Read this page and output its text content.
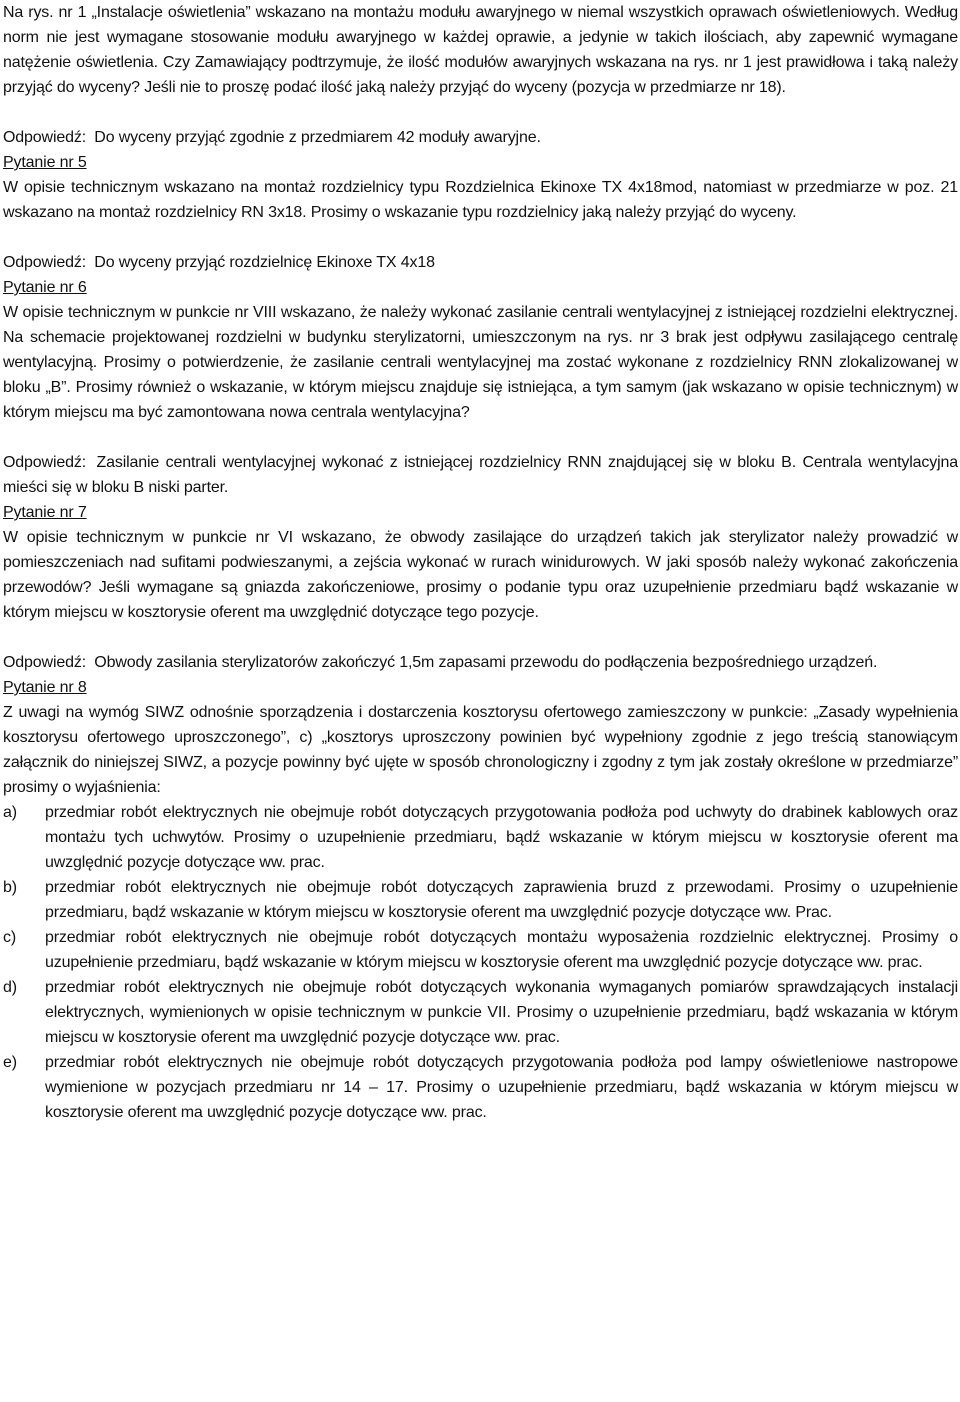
Na rys. nr 1 „Instalacje oświetlenia” wskazano na montażu modułu awaryjnego w niemal wszystkich oprawach oświetleniowych. Według norm nie jest wymagane stosowanie modułu awaryjnego w każdej oprawie, a jedynie w takich ilościach, aby zapewnić wymagane natężenie oświetlenia. Czy Zamawiający podtrzymuje, że ilość modułów awaryjnych wskazana na rys. nr 1 jest prawidłowa i taką należy przyjąć do wyceny? Jeśli nie to proszę podać ilość jaką należy przyjąć do wyceny (pozycja w przedmiarze nr 18).

Odpowiedź: Do wyceny przyjąć zgodnie z przedmiarem 42 moduły awaryjne.

Pytanie nr 5

W opisie technicznym wskazano na montaż rozdzielnicy typu Rozdzielnica Ekinoxe TX 4x18mod, natomiast w przedmiarze w poz. 21 wskazano na montaż rozdzielnicy RN 3x18. Prosimy o wskazanie typu rozdzielnicy jaką należy przyjąć do wyceny.

Odpowiedź: Do wyceny przyjąć rozdzielnicę Ekinoxe TX 4x18

Pytanie nr 6

W opisie technicznym w punkcie nr VIII wskazano, że należy wykonać zasilanie centrali wentylacyjnej z istniejącej rozdzielni elektrycznej. Na schemacie projektowanej rozdzielni w budynku sterylizatorni, umieszczonym na rys. nr 3 brak jest odpływu zasilającego centralę wentylacyjną. Prosimy o potwierdzenie, że zasilanie centrali wentylacyjnej ma zostać wykonane z rozdzielnicy RNN zlokalizowanej w bloku „B”. Prosimy również o wskazanie, w którym miejscu znajduje się istniejąca, a tym samym (jak wskazano w opisie technicznym) w którym miejscu ma być zamontowana nowa centrala wentylacyjna?

Odpowiedź: Zasilanie centrali wentylacyjnej wykonać z istniejącej rozdzielnicy RNN znajdującej się w bloku B. Centrala wentylacyjna mieści się w bloku B niski parter.

Pytanie nr 7

W opisie technicznym w punkcie nr VI wskazano, że obwody zasilające do urządzeń takich jak sterylizator należy prowadzić w pomieszczeniach nad sufitami podwieszanymi, a zejścia wykonać w rurach winidurowych. W jaki sposób należy wykonać zakończenia przewodów? Jeśli wymagane są gniazda zakończeniowe, prosimy o podanie typu oraz uzupełnienie przedmiaru bądź wskazanie w którym miejscu w kosztorysie oferent ma uwzględnić dotyczące tego pozycje.

Odpowiedź: Obwody zasilania sterylizatorów zakończyć 1,5m zapasami przewodu do podłączenia bezpośredniego urządzeń.

Pytanie nr 8

Z uwagi na wymóg SIWZ odnośnie sporządzenia i dostarczenia kosztorysu ofertowego zamieszczony w punkcie: „Zasady wypełnienia kosztorysu ofertowego uproszczonego”, c) „kosztorys uproszczony powinien być wypełniony zgodnie z jego treścią stanowiącym załącznik do niniejszej SIWZ, a pozycje powinny być ujęte w sposób chronologiczny i zgodny z tym jak zostały określone w przedmiarze” prosimy o wyjaśnienia:

a)	przedmiar robót elektrycznych nie obejmuje robót dotyczących przygotowania podłoża pod uchwyty do drabinek kablowych oraz montażu tych uchwytów. Prosimy o uzupełnienie przedmiaru, bądź wskazanie w którym miejscu w kosztorysie oferent ma uwzględnić pozycje dotyczące ww. prac.
b)	przedmiar robót elektrycznych nie obejmuje robót dotyczących zaprawienia bruzd z przewodami. Prosimy o uzupełnienie przedmiaru, bądź wskazanie w którym miejscu w kosztorysie oferent ma uwzględnić pozycje dotyczące ww. Prac.
c)	przedmiar robót elektrycznych nie obejmuje robót dotyczących montażu wyposażenia rozdzielnic elektrycznej. Prosimy o uzupełnienie przedmiaru, bądź wskazanie w którym miejscu w kosztorysie oferent ma uwzględnić pozycje dotyczące ww. prac.
d)	przedmiar robót elektrycznych nie obejmuje robót dotyczących wykonania wymaganych pomiarów sprawdzających instalacji elektrycznych, wymienionych w opisie technicznym w punkcie VII. Prosimy o uzupełnienie przedmiaru, bądź wskazania w którym miejscu w kosztorysie oferent ma uwzględnić pozycje dotyczące ww. prac.
e)	przedmiar robót elektrycznych nie obejmuje robót dotyczących przygotowania podłoża pod lampy oświetleniowe nastropowe wymienione w pozycjach przedmiaru nr 14 – 17. Prosimy o uzupełnienie przedmiaru, bądź wskazania w którym miejscu w kosztorysie oferent ma uwzględnić pozycje dotyczące ww. prac.
